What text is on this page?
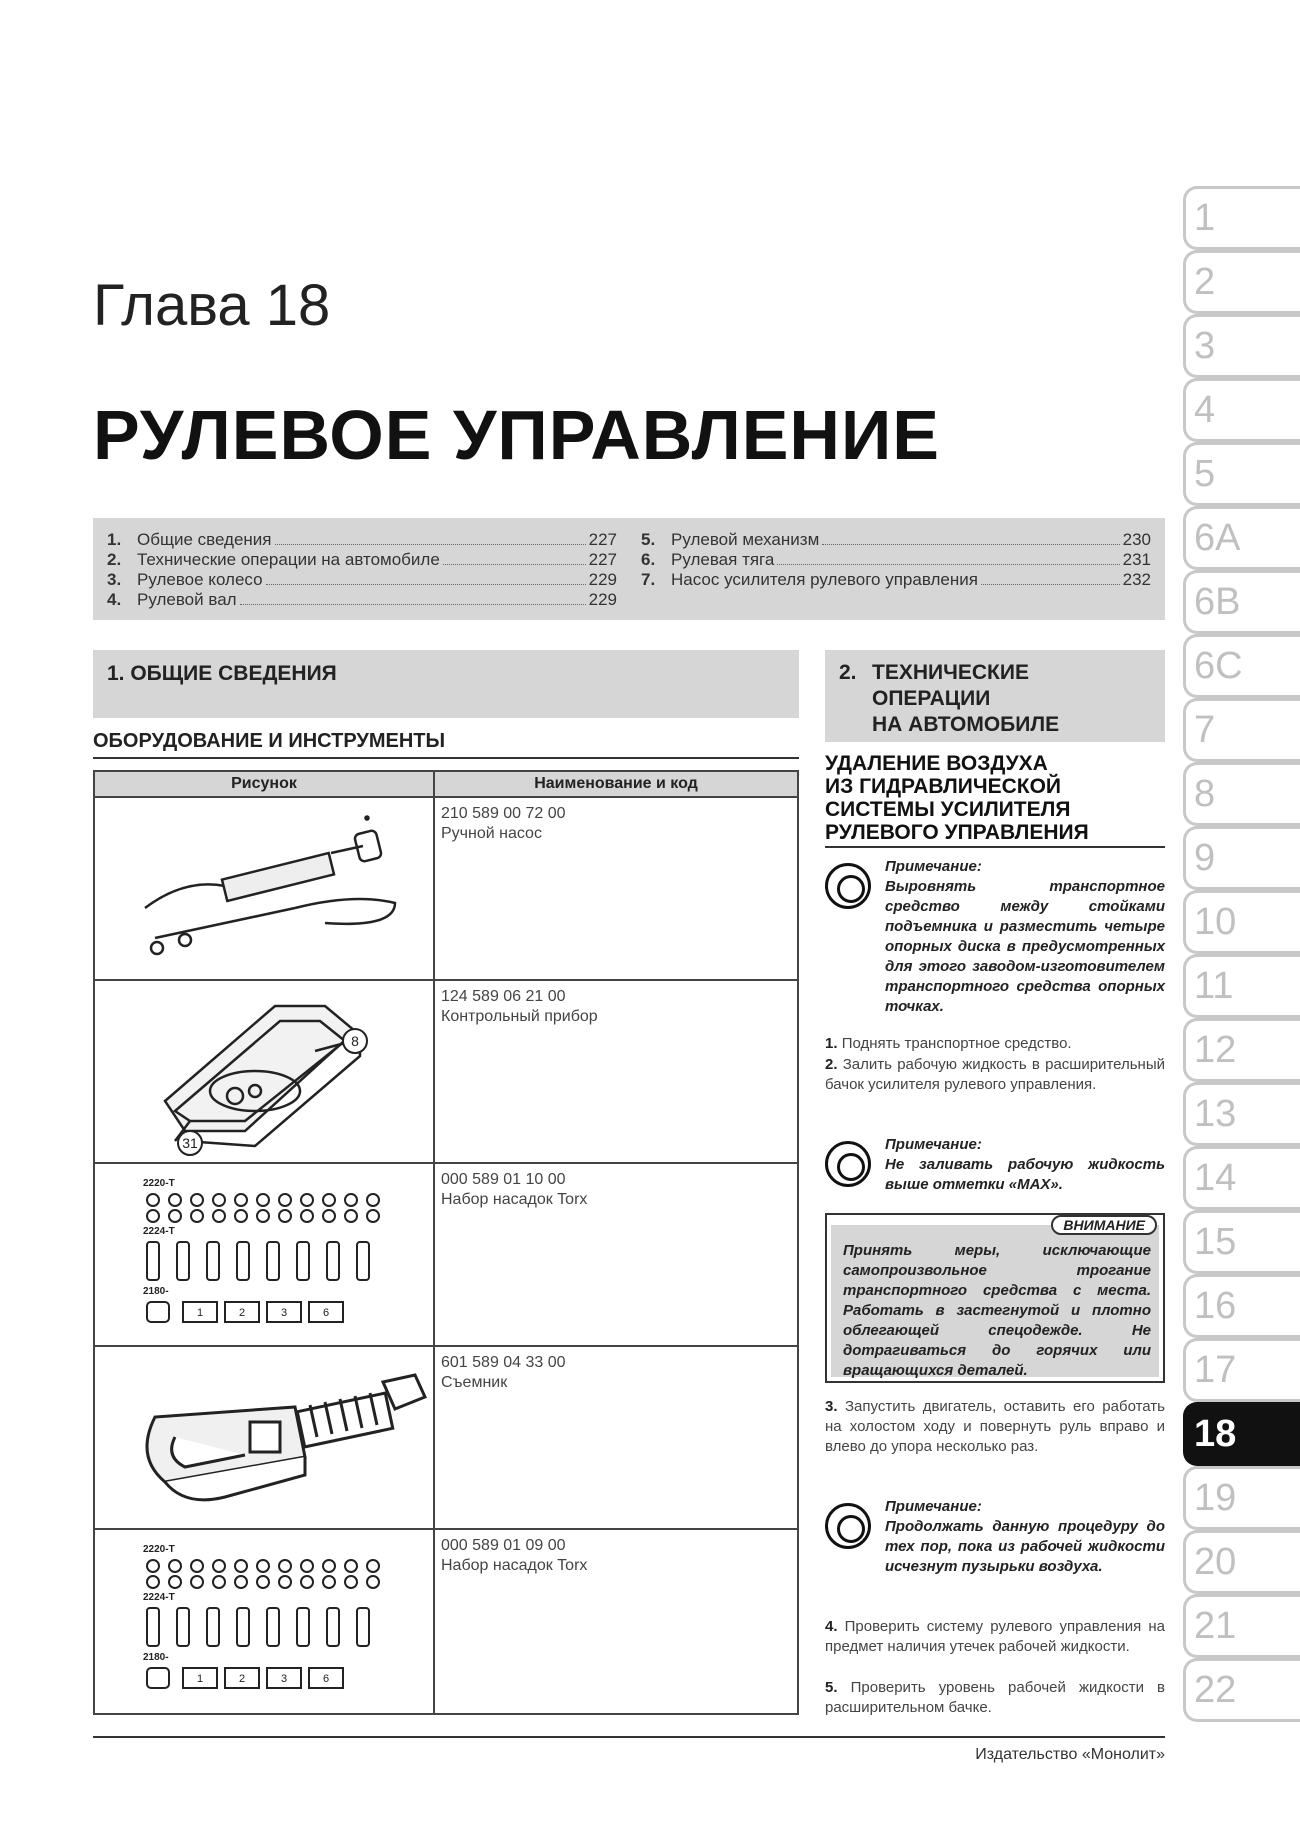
Глава 18
РУЛЕВОЕ УПРАВЛЕНИЕ
1. Общие сведения	227
2. Технические операции на автомобиле	227
3. Рулевое колесо	229
4. Рулевой вал	229
5. Рулевой механизм	230
6. Рулевая тяга	231
7. Насос усилителя рулевого управления	232
1. ОБЩИЕ СВЕДЕНИЯ
ОБОРУДОВАНИЕ И ИНСТРУМЕНТЫ
Рисунок	Наименование и код
210 589 00 72 00
Ручной насос
8
31
124 589 06 21 00
Контрольный прибор
2220-T
2224-T
2180-
1	2	3	6
000 589 01 10 00
Набор насадок Torx
601 589 04 33 00
Съемник
2220-T
2224-T
2180-
1	2	3	6
000 589 01 09 00
Набор насадок Torx
2. ТЕХНИЧЕСКИЕ
ОПЕРАЦИИ
НА АВТОМОБИЛЕ
УДАЛЕНИЕ ВОЗДУХА
ИЗ ГИДРАВЛИЧЕСКОЙ
СИСТЕМЫ УСИЛИТЕЛЯ
РУЛЕВОГО УПРАВЛЕНИЯ
Примечание:
Выровнять транспортное средство между стойками подъемника и разместить четыре опорных диска в предусмотренных для этого заводом-изготовителем транспортного средства опорных точках.
1. Поднять транспортное средство.
2. Залить рабочую жидкость в расширительный бачок усилителя рулевого управления.
Примечание:
Не заливать рабочую жидкость выше отметки «MAX».
Принять меры, исключающие самопроизвольное трогание транспортного средства с места. Работать в застегнутой и плотно облегающей спецодежде. Не дотрагиваться до горячих или вращающихся деталей.
ВНИМАНИЕ
3. Запустить двигатель, оставить его работать на холостом ходу и повернуть руль вправо и влево до упора несколько раз.
Примечание:
Продолжать данную процедуру до тех пор, пока из рабочей жидкости исчезнут пузырьки воздуха.
4. Проверить систему рулевого управления на предмет наличия утечек рабочей жидкости.
5. Проверить уровень рабочей жидкости в расширительном бачке.
Издательство «Монолит»
1
2
3
4
5
6A
6B
6C
7
8
9
10
11
12
13
14
15
16
17
18
19
20
21
22
